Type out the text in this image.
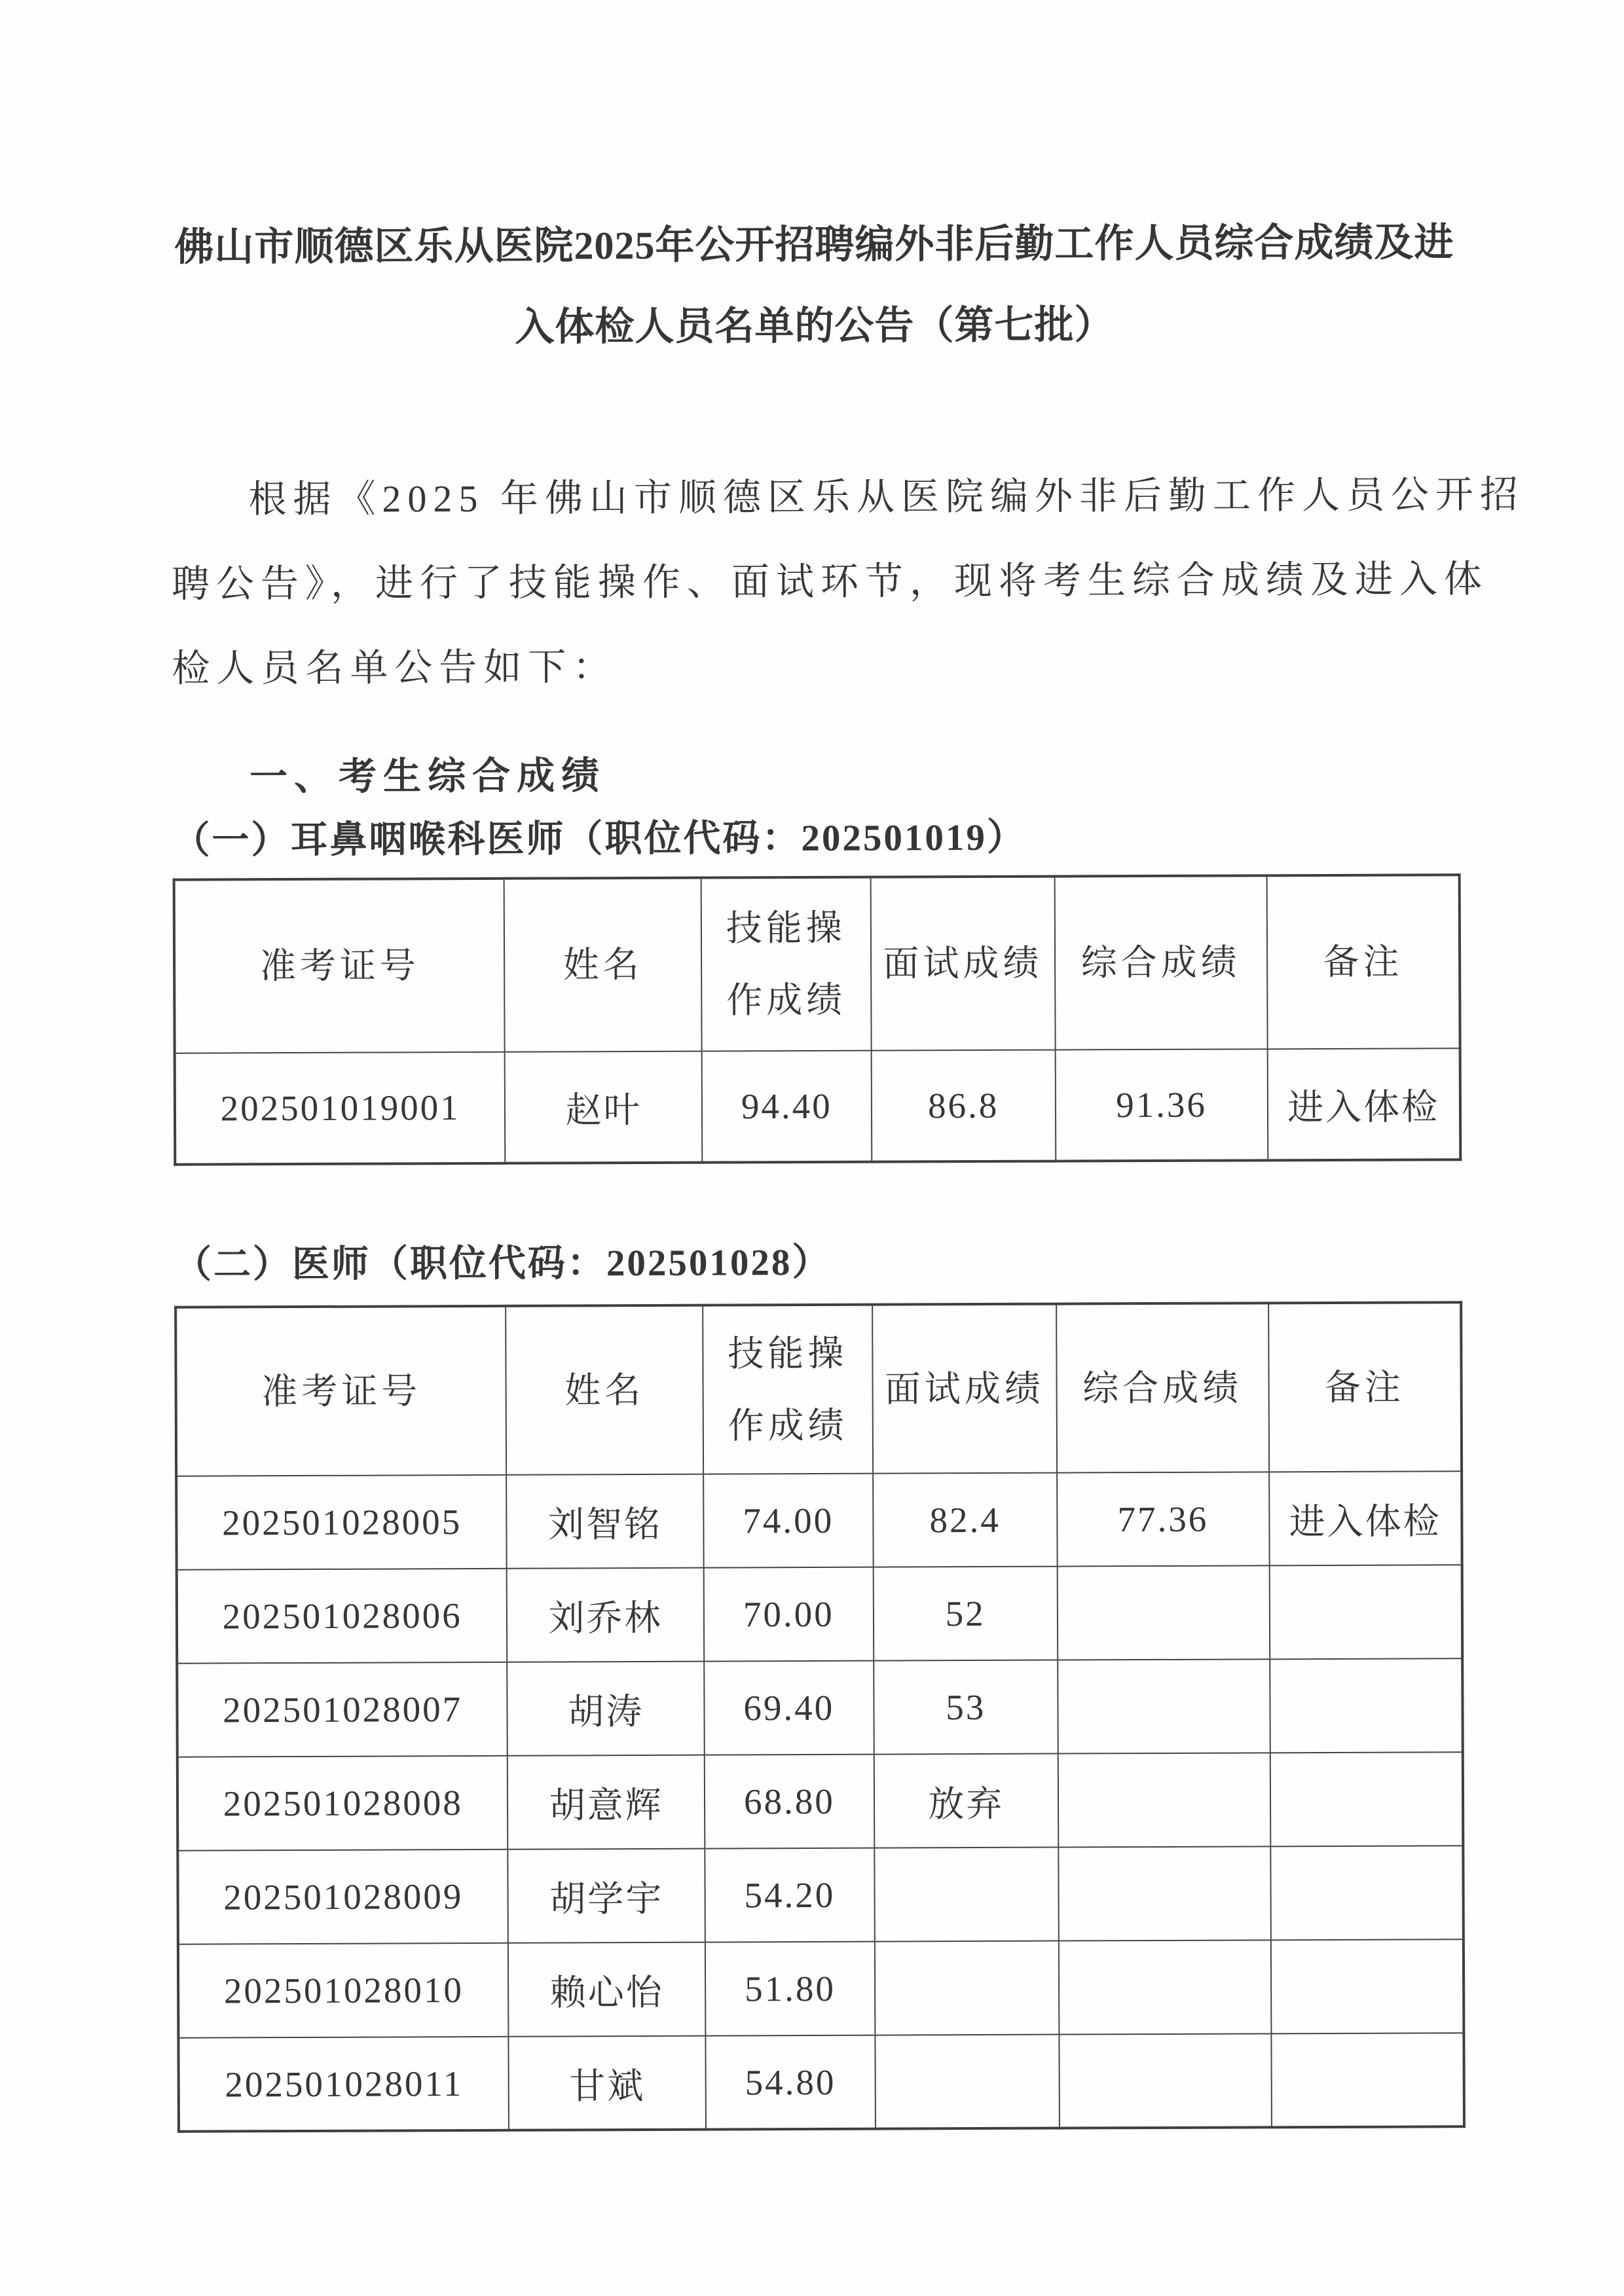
佛山市顺德区乐从医院2025年公开招聘编外非后勤工作人员综合成绩及进
入体检人员名单的公告（第七批）
根据《2025 年佛山市顺德区乐从医院编外非后勤工作人员公开招
聘公告》，进行了技能操作、面试环节，现将考生综合成绩及进入体
检人员名单公告如下：
一、考生综合成绩
（一）耳鼻咽喉科医师（职位代码：202501019）
准考证号	姓名	技能操作成绩	面试成绩	综合成绩	备注
202501019001	赵叶	94.40	86.8	91.36	进入体检
（二）医师（职位代码：202501028）
准考证号	姓名	技能操作成绩	面试成绩	综合成绩	备注
202501028005	刘智铭	74.00	82.4	77.36	进入体检
202501028006	刘乔林	70.00	52		
202501028007	胡涛	69.40	53		
202501028008	胡意辉	68.80	放弃		
202501028009	胡学宇	54.20			
202501028010	赖心怡	51.80			
202501028011	甘斌	54.80			
